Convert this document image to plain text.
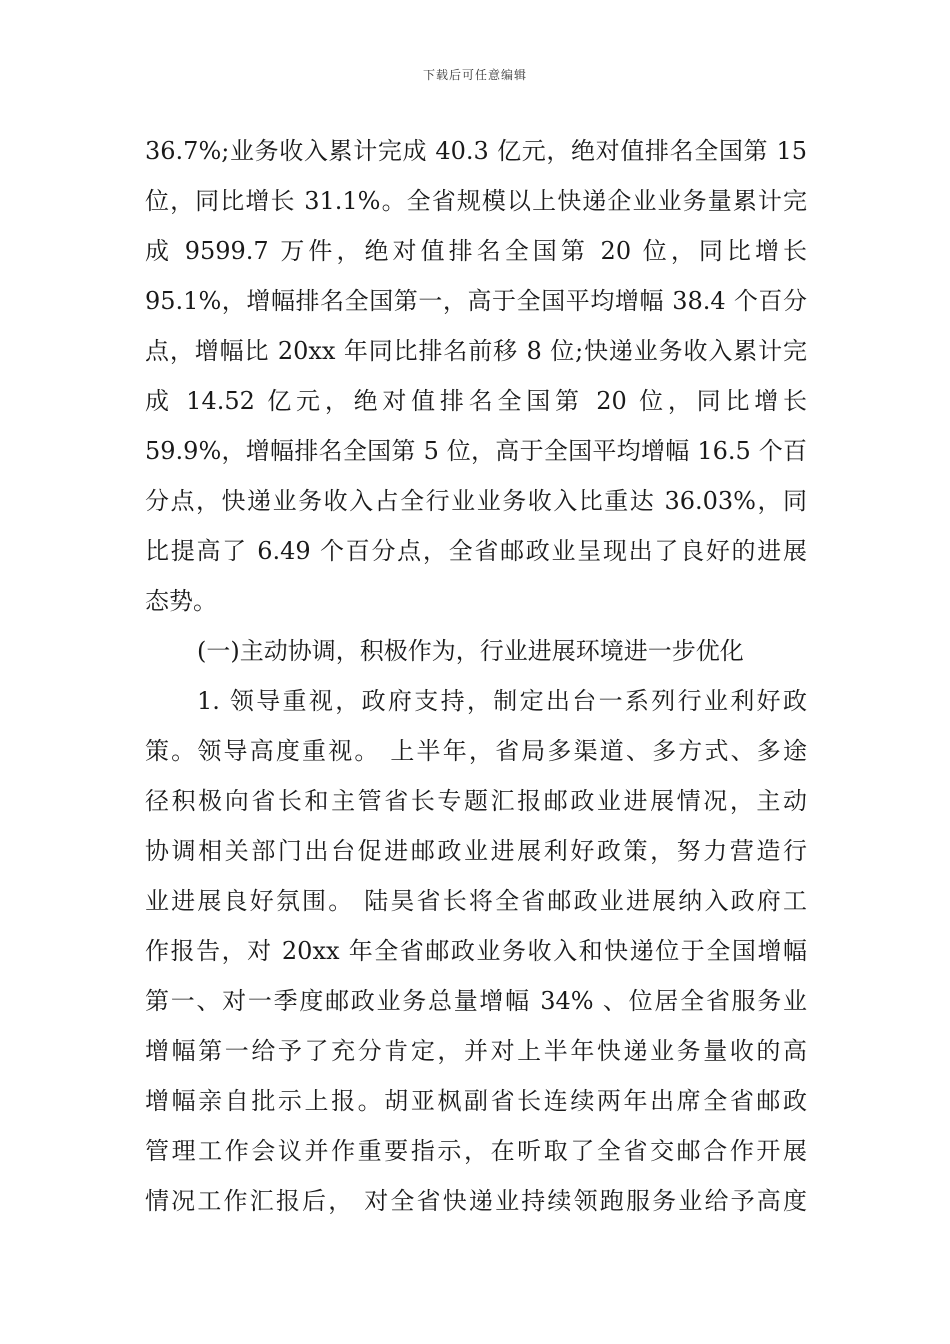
下载后可任意编辑
36.7%;业务收入累计完成 40.3 亿元，绝对值排名全国第 15
位，同比增长 31.1%。全省规模以上快递企业业务量累计完
成 9599.7 万件，绝对值排名全国第 20 位，同比增长
95.1%，增幅排名全国第一，高于全国平均增幅 38.4 个百分
点，增幅比 20xx 年同比排名前移 8 位;快递业务收入累计完
成 14.52 亿元，绝对值排名全国第 20 位，同比增长
59.9%，增幅排名全国第 5 位，高于全国平均增幅 16.5 个百
分点，快递业务收入占全行业业务收入比重达 36.03%，同
比提高了 6.49 个百分点，全省邮政业呈现出了良好的进展
态势。
(一)主动协调，积极作为，行业进展环境进一步优化
1. 领导重视，政府支持，制定出台一系列行业利好政
策。领导高度重视。 上半年，省局多渠道、多方式、多途
径积极向省长和主管省长专题汇报邮政业进展情况，主动
协调相关部门出台促进邮政业进展利好政策，努力营造行
业进展良好氛围。 陆昊省长将全省邮政业进展纳入政府工
作报告，对 20xx 年全省邮政业务收入和快递位于全国增幅
第一、对一季度邮政业务总量增幅 34% 、位居全省服务业
增幅第一给予了充分肯定，并对上半年快递业务量收的高
增幅亲自批示上报。胡亚枫副省长连续两年出席全省邮政
管理工作会议并作重要指示，在听取了全省交邮合作开展
情况工作汇报后， 对全省快递业持续领跑服务业给予高度
